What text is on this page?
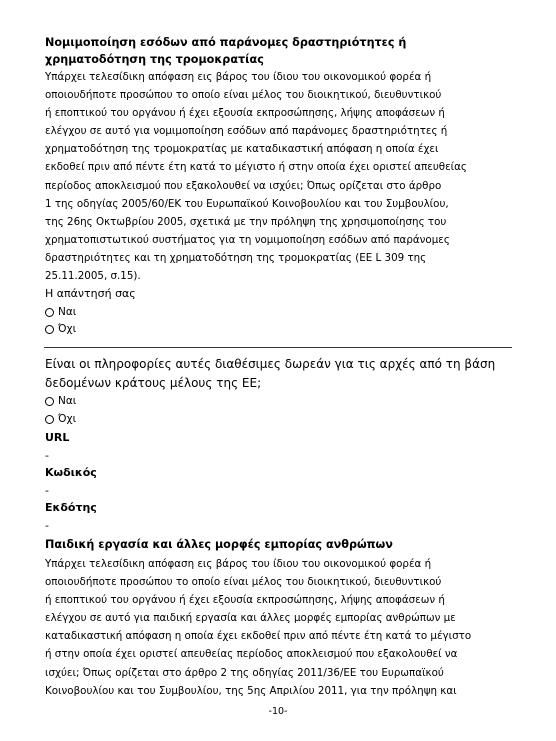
Νομιμοποίηση εσόδων από παράνομες δραστηριότητες ή
χρηματοδότηση της τρομοκρατίας
Υπάρχει τελεσίδικη απόφαση εις βάρος του ίδιου του οικονομικού φορέα ή
οποιουδήποτε προσώπου το οποίο είναι μέλος του διοικητικού, διευθυντικού
ή εποπτικού του οργάνου ή έχει εξουσία εκπροσώπησης, λήψης αποφάσεων ή
ελέγχου σε αυτό για νομιμοποίηση εσόδων από παράνομες δραστηριότητες ή
χρηματοδότηση της τρομοκρατίας με καταδικαστική απόφαση η οποία έχει
εκδοθεί πριν από πέντε έτη κατά το μέγιστο ή στην οποία έχει οριστεί απευθείας
περίοδος αποκλεισμού που εξακολουθεί να ισχύει; Όπως ορίζεται στο άρθρο
1 της οδηγίας 2005/60/ΕΚ του Ευρωπαϊκού Κοινοβουλίου και του Συμβουλίου,
της 26ης Οκτωβρίου 2005, σχετικά με την πρόληψη της χρησιμοποίησης του
χρηματοπιστωτικού συστήματος για τη νομιμοποίηση εσόδων από παράνομες
δραστηριότητες και τη χρηματοδότηση της τρομοκρατίας (ΕΕ L 309 της
25.11.2005, σ.15).
Η απάντησή σας
Ναι
Όχι
Είναι οι πληροφορίες αυτές διαθέσιμες δωρεάν για τις αρχές από τη βάση
δεδομένων κράτους μέλους της ΕΕ;
Ναι
Όχι
URL
-
Κωδικός
-
Εκδότης
-
Παιδική εργασία και άλλες μορφές εμπορίας ανθρώπων
Υπάρχει τελεσίδικη απόφαση εις βάρος του ίδιου του οικονομικού φορέα ή
οποιουδήποτε προσώπου το οποίο είναι μέλος του διοικητικού, διευθυντικού
ή εποπτικού του οργάνου ή έχει εξουσία εκπροσώπησης, λήψης αποφάσεων ή
ελέγχου σε αυτό για παιδική εργασία και άλλες μορφές εμπορίας ανθρώπων με
καταδικαστική απόφαση η οποία έχει εκδοθεί πριν από πέντε έτη κατά το μέγιστο
ή στην οποία έχει οριστεί απευθείας περίοδος αποκλεισμού που εξακολουθεί να
ισχύει; Όπως ορίζεται στο άρθρο 2 της οδηγίας 2011/36/ΕΕ του Ευρωπαϊκού
Κοινοβουλίου και του Συμβουλίου, της 5ης Απριλίου 2011, για την πρόληψη και
-10-
